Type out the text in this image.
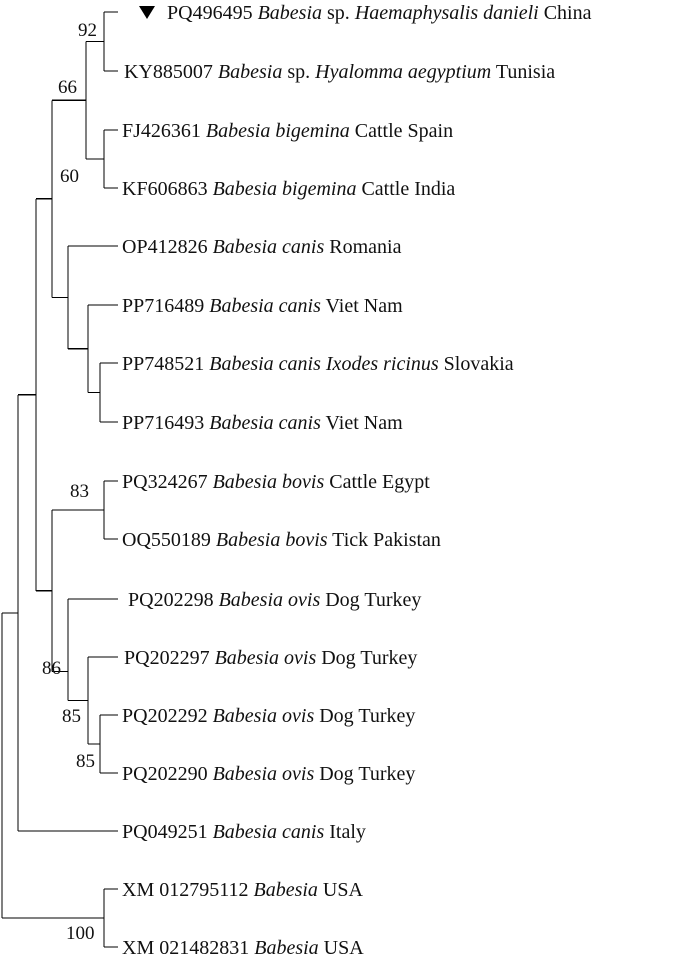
92
66
60
83
86
85
85
100
PQ496495 Babesia sp. Haemaphysalis danieli China
KY885007 Babesia sp. Hyalomma aegyptium Tunisia
FJ426361 Babesia bigemina Cattle Spain
KF606863 Babesia bigemina Cattle India
OP412826 Babesia canis Romania
PP716489 Babesia canis Viet Nam
PP748521 Babesia canis Ixodes ricinus Slovakia
PP716493 Babesia canis Viet Nam
PQ324267 Babesia bovis Cattle Egypt
OQ550189 Babesia bovis Tick Pakistan
PQ202298 Babesia ovis Dog Turkey
PQ202297 Babesia ovis Dog Turkey
PQ202292 Babesia ovis Dog Turkey
PQ202290 Babesia ovis Dog Turkey
PQ049251 Babesia canis Italy
XM 012795112 Babesia USA
XM 021482831 Babesia USA
